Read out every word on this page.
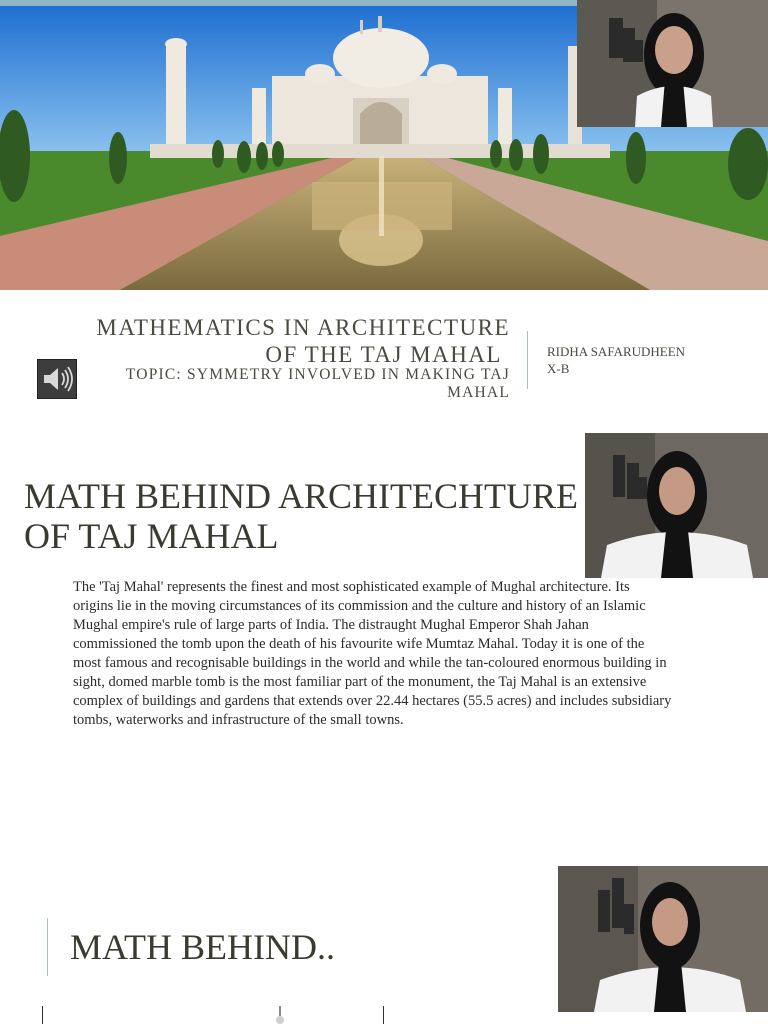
MATHEMATICS IN ARCHITECTURE
OF THE TAJ MAHAL
TOPIC: SYMMETRY INVOLVED IN MAKING TAJ
MAHAL
RIDHA SAFARUDHEEN
X-B
MATH BEHIND ARCHITECHTURE
OF TAJ MAHAL
The 'Taj Mahal' represents the finest and most sophisticated example of Mughal architecture. Its origins lie in the moving circumstances of its commission and the culture and history of an Islamic Mughal empire's rule of large parts of India. The distraught Mughal Emperor Shah Jahan commissioned the tomb upon the death of his favourite wife Mumtaz Mahal. Today it is one of the most famous and recognisable buildings in the world and while the tan-coloured enormous building in sight, domed marble tomb is the most familiar part of the monument, the Taj Mahal is an extensive complex of buildings and gardens that extends over 22.44 hectares (55.5 acres) and includes subsidiary tombs, waterworks and infrastructure of the small towns.
MATH BEHIND..
